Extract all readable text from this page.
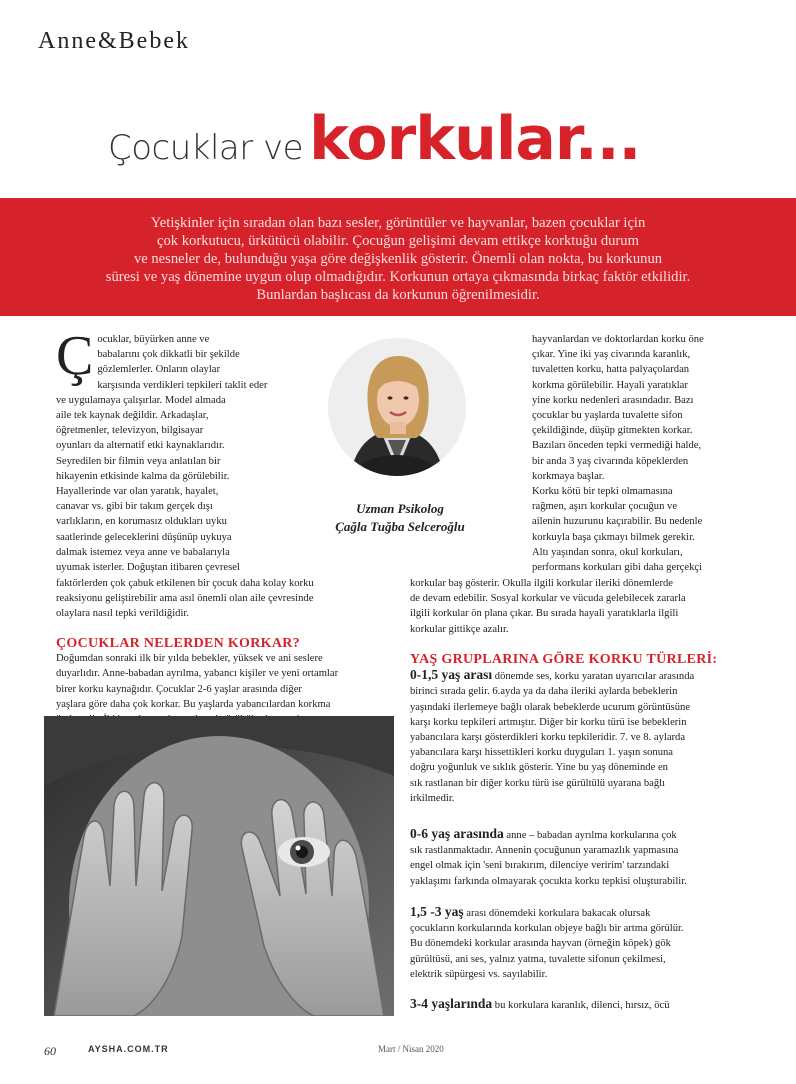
Anne&Bebek
Çocuklar ve korkular...

Yetişkinler için sıradan olan bazı sesler, görüntüler ve hayvanlar, bazen çocuklar için
çok korkutucu, ürkütücü olabilir. Çocuğun gelişimi devam ettikçe korktuğu durum
ve nesneler de, bulunduğu yaşa göre değişkenlik gösterir. Önemli olan nokta, bu korkunun
süresi ve yaş dönemine uygun olup olmadığıdır. Korkunun ortaya çıkmasında birkaç faktör etkilidir.
Bunlardan başlıcası da korkunun öğrenilmesidir.

Ç ocuklar, büyürken anne ve
babalarını çok dikkatli bir şekilde
gözlemlerler. Onların olaylar
karşısında verdikleri tepkileri taklit eder
ve uygulamaya çalışırlar. Model almada
aile tek kaynak değildir. Arkadaşlar,
öğretmenler, televizyon, bilgisayar
oyunları da alternatif etki kaynaklarıdır.
Seyredilen bir filmin veya anlatılan bir
hikayenin etkisinde kalma da görülebilir.
Hayallerinde var olan yaratık, hayalet,
canavar vs. gibi bir takım gerçek dışı
varlıkların, en korumasız oldukları uyku
saatlerinde geleceklerini düşünüp uykuya
dalmak istemez veya anne ve babalarıyla
uyumak isterler. Doğuştan itibaren çevresel

faktörlerden çok çabuk etkilenen bir çocuk daha kolay korku
reaksiyonu geliştirebilir ama asıl önemli olan aile çevresinde
olaylara nasıl tepki verildiğidir.

ÇOCUKLAR NELERDEN KORKAR?

Doğumdan sonraki ilk bir yılda bebekler, yüksek ve ani seslere
duyarlıdır. Anne-babadan ayrılma, yabancı kişiler ve yeni ortamlar
birer korku kaynağıdır. Çocuklar 2-6 yaşlar arasında diğer
yaşlara göre daha çok korkar. Bu yaşlarda yabancılardan korkma

Uzman Psikolog
Çağla Tuğba Selceroğlu

hayvanlardan ve doktorlardan korku öne
çıkar. Yine iki yaş civarında karanlık,
tuvaletten korku, hatta palyaçolardan
korkma görülebilir. Hayali yaratıklar
yine korku nedenleri arasındadır. Bazı
çocuklar bu yaşlarda tuvalette sifon
çekildiğinde, düşüp gitmekten korkar.
Bazıları önceden tepki vermediği halde,
bir anda 3 yaş civarında köpeklerden
korkmaya başlar.
Korku kötü bir tepki olmamasına
rağmen, aşırı korkular çocuğun ve
ailenin huzurunu kaçırabilir. Bu nedenle
korkuyla başa çıkmayı bilmek gerekir.
Altı yaşından sonra, okul korkuları,
performans korkuları gibi daha gerçekçi

korkular baş gösterir. Okulla ilgili korkular ileriki dönemlerde
de devam edebilir. Sosyal korkular ve vücuda gelebilecek zararla
ilgili korkular ön plana çıkar. Bu sırada hayali yaratıklarla ilgili
korkular gittikçe azalır.

YAŞ GRUPLARINA GÖRE KORKU TÜRLERİ:

0-1,5 yaş arası dönemde ses, korku yaratan uyarıcılar arasında
birinci sırada gelir. 6.ayda ya da daha ileriki aylarda bebeklerin
yaşındaki ilerlemeye bağlı olarak bebeklerde ucurum görüntüsüne
karşı korku tepkileri artmıştır. Diğer bir korku türü ise bebeklerin
yabancılara karşı gösterdikleri korku tepkileridir. 7. ve 8. aylarda
yabancılara karşı hissettikleri korku duyguları 1. yaşın sonuna
doğru yoğunluk ve sıklık gösterir. Yine bu yaş döneminde en
sık rastlanan bir diğer korku türü ise gürültülü uyarana bağlı
irkilmedir.

0-6 yaş arasında anne – babadan ayrılma korkularına çok
sık rastlanmaktadır. Annenin çocuğunun yaramazlık yapmasına
engel olmak için 'seni bırakırım, dilenciye veririm' tarzındaki
yaklaşımı farkında olmayarak çocukta korku tepkisi oluşturabilir.

1,5 -3 yaş arası dönemdeki korkulara bakacak olursak
çocukların korkularında korkulan objeye bağlı bir artma görülür.
Bu dönemdeki korkular arasında hayvan (örneğin köpek) gök
gürültüsü, ani ses, yalnız yatma, tuvalette sifonun çekilmesi,
elektrik süpürgesi vs. sayılabilir.

3-4 yaşlarında bu korkulara karanlık, dilenci, hırsız, öcü

60	AYSHA.COM.TR	Mart / Nisan 2020
